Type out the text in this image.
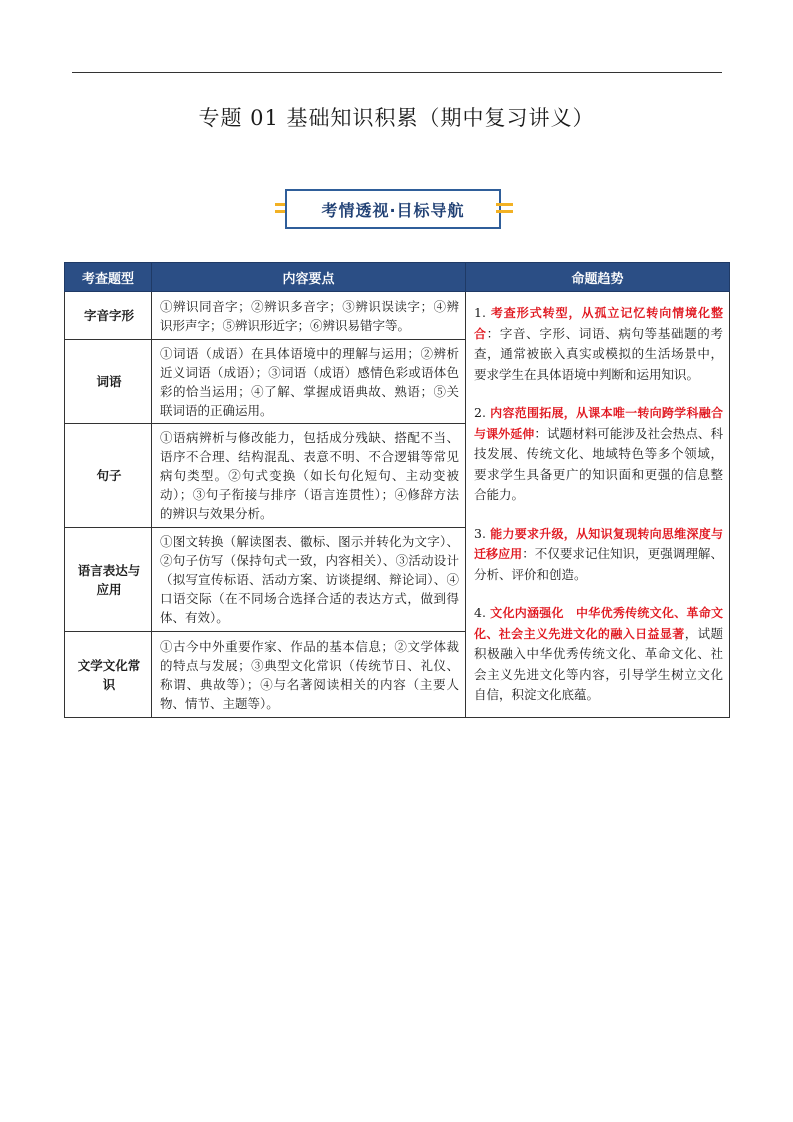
专题 01 基础知识积累（期中复习讲义）
考情透视·目标导航
考查题型	内容要点	命题趋势
字音字形	①辨识同音字；②辨识多音字；③辨识误读字；④辨识形声字；⑤辨识形近字；⑥辨识易错字等。	1. 考查形式转型，从孤立记忆转向情境化整合：字音、字形、词语、病句等基础题的考查，通常被嵌入真实或模拟的生活场景中，要求学生在具体语境中判断和运用知识。
2. 内容范围拓展，从课本唯一转向跨学科融合与课外延伸：试题材料可能涉及社会热点、科技发展、传统文化、地域特色等多个领域，要求学生具备更广的知识面和更强的信息整合能力。
3. 能力要求升级，从知识复现转向思维深度与迁移应用：不仅要求记住知识，更强调理解、分析、评价和创造。
4. 文化内涵强化　中华优秀传统文化、革命文化、社会主义先进文化的融入日益显著，试题积极融入中华优秀传统文化、革命文化、社会主义先进文化等内容，引导学生树立文化自信，积淀文化底蕴。

词语	①词语（成语）在具体语境中的理解与运用；②辨析近义词语（成语）；③词语（成语）感情色彩或语体色彩的恰当运用；④了解、掌握成语典故、熟语；⑤关联词语的正确运用。	
句子	①语病辨析与修改能力，包括成分残缺、搭配不当、语序不合理、结构混乱、表意不明、不合逻辑等常见病句类型。②句式变换（如长句化短句、主动变被动）；③句子衔接与排序（语言连贯性）；④修辞方法的辨识与效果分析。	
语言表达与应用	①图文转换（解读图表、徽标、图示并转化为文字）、②句子仿写（保持句式一致，内容相关）、③活动设计（拟写宣传标语、活动方案、访谈提纲、辩论词）、④口语交际（在不同场合选择合适的表达方式，做到得体、有效）。	
文学文化常识	①古今中外重要作家、作品的基本信息；②文学体裁的特点与发展；③典型文化常识（传统节日、礼仪、称谓、典故等）；④与名著阅读相关的内容（主要人物、情节、主题等）。	
